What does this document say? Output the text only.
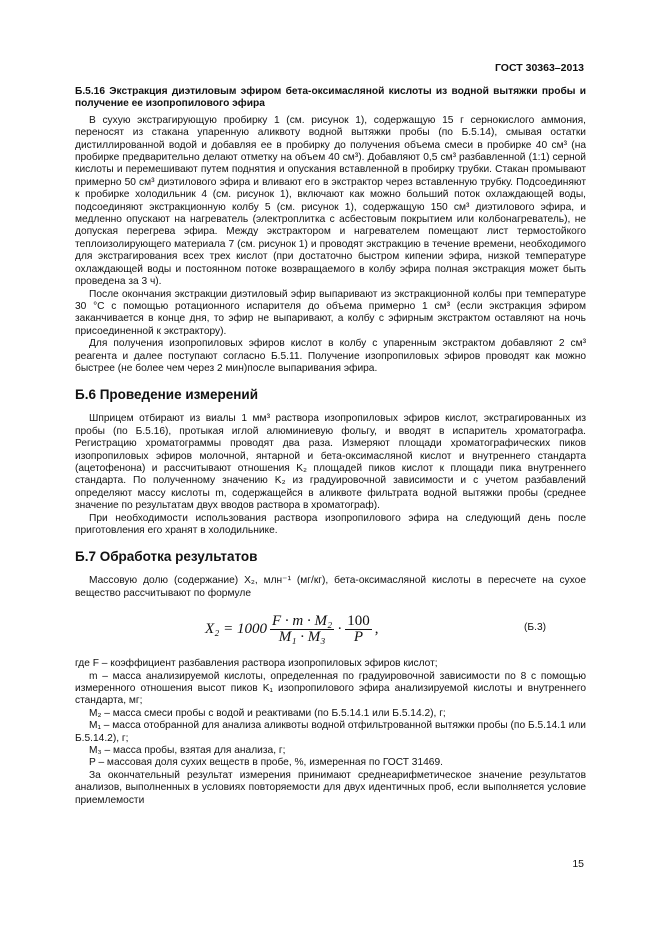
ГОСТ 30363–2013
Б.5.16 Экстракция диэтиловым эфиром бета-оксимасляной кислоты из водной вытяжки пробы и получение ее изопропилового эфира

В сухую экстрагирующую пробирку 1 (см. рисунок 1), содержащую 15 г сернокислого аммония, переносят из стакана упаренную аликвоту водной вытяжки пробы (по Б.5.14), смывая остатки дистиллированной водой и добавляя ее в пробирку до получения объема смеси в пробирке 40 см³ (на пробирке предварительно делают отметку на объем 40 см³). Добавляют 0,5 см³ разбавленной (1:1) серной кислоты и перемешивают путем поднятия и опускания вставленной в пробирку трубки. Стакан промывают примерно 50 см³ диэтилового эфира и вливают его в экстрактор через вставленную трубку. Подсоединяют к пробирке холодильник 4 (см. рисунок 1), включают как можно больший поток охлаждающей воды, подсоединяют экстракционную колбу 5 (см. рисунок 1), содержащую 150 см³ диэтилового эфира, и медленно опускают на нагреватель (электроплитка с асбестовым покрытием или колбонагреватель), не допуская перегрева эфира. Между экстрактором и нагревателем помещают лист термостойкого теплоизолирующего материала 7 (см. рисунок 1) и проводят экстракцию в течение времени, необходимого для экстрагирования всех трех кислот (при достаточно быстром кипении эфира, низкой температуре охлаждающей воды и постоянном потоке возвращаемого в колбу эфира полная экстракция может быть проведена за 3 ч).

После окончания экстракции диэтиловый эфир выпаривают из экстракционной колбы при температуре 30 °С с помощью ротационного испарителя до объема примерно 1 см³ (если экстракция эфиром заканчивается в конце дня, то эфир не выпаривают, а колбу с эфирным экстрактом оставляют на ночь присоединенной к экстрактору).

Для получения изопропиловых эфиров кислот в колбу с упаренным экстрактом добавляют 2 см³ реагента и далее поступают согласно Б.5.11. Получение изопропиловых эфиров проводят как можно быстрее (не более чем через 2 мин)после выпаривания эфира.

Б.6 Проведение измерений

Шприцем отбирают из виалы 1 мм³ раствора изопропиловых эфиров кислот, экстрагированных из пробы (по Б.5.16), протыкая иглой алюминиевую фольгу, и вводят в испаритель хроматографа. Регистрацию хроматограммы проводят два раза. Измеряют площади хроматографических пиков изопропиловых эфиров молочной, янтарной и бета-оксимасляной кислот и внутреннего стандарта (ацетофенона) и рассчитывают отношения K₂ площадей пиков кислот к площади пика внутреннего стандарта. По полученному значению K₂ из градуировочной зависимости и с учетом разбавлений определяют массу кислоты m, содержащейся в аликвоте фильтрата водной вытяжки пробы (среднее значение по результатам двух вводов раствора в хроматограф).

При необходимости использования раствора изопропилового эфира на следующий день после приготовления его хранят в холодильнике.

Б.7 Обработка результатов

Массовую долю (содержание) X₂, млн⁻¹ (мг/кг), бета-оксимасляной кислоты в пересчете на сухое вещество рассчитывают по формуле

$X_2 = 1000 \frac{\text{F · m · M₂}}{\text{M₁ · M₃}} \cdot \frac{100}{P}$ ,	(Б.3)

где F – коэффициент разбавления раствора изопропиловых эфиров кислот;

m – масса анализируемой кислоты, определенная по градуировочной зависимости по 8 с помощью измеренного отношения высот пиков K₁ изопропилового эфира анализируемой кислоты и внутреннего стандарта, мг;

M₂ – масса смеси пробы с водой и реактивами (по Б.5.14.1 или Б.5.14.2), г;

M₁ – масса отобранной для анализа аликвоты водной отфильтрованной вытяжки пробы (по Б.5.14.1 или Б.5.14.2), г;

M₃ – масса пробы, взятая для анализа, г;

P – массовая доля сухих веществ в пробе, %, измеренная по ГОСТ 31469.

За окончательный результат измерения принимают среднеарифметическое значение результатов анализов, выполненных в условиях повторяемости для двух идентичных проб, если выполняется условие приемлемости

15
